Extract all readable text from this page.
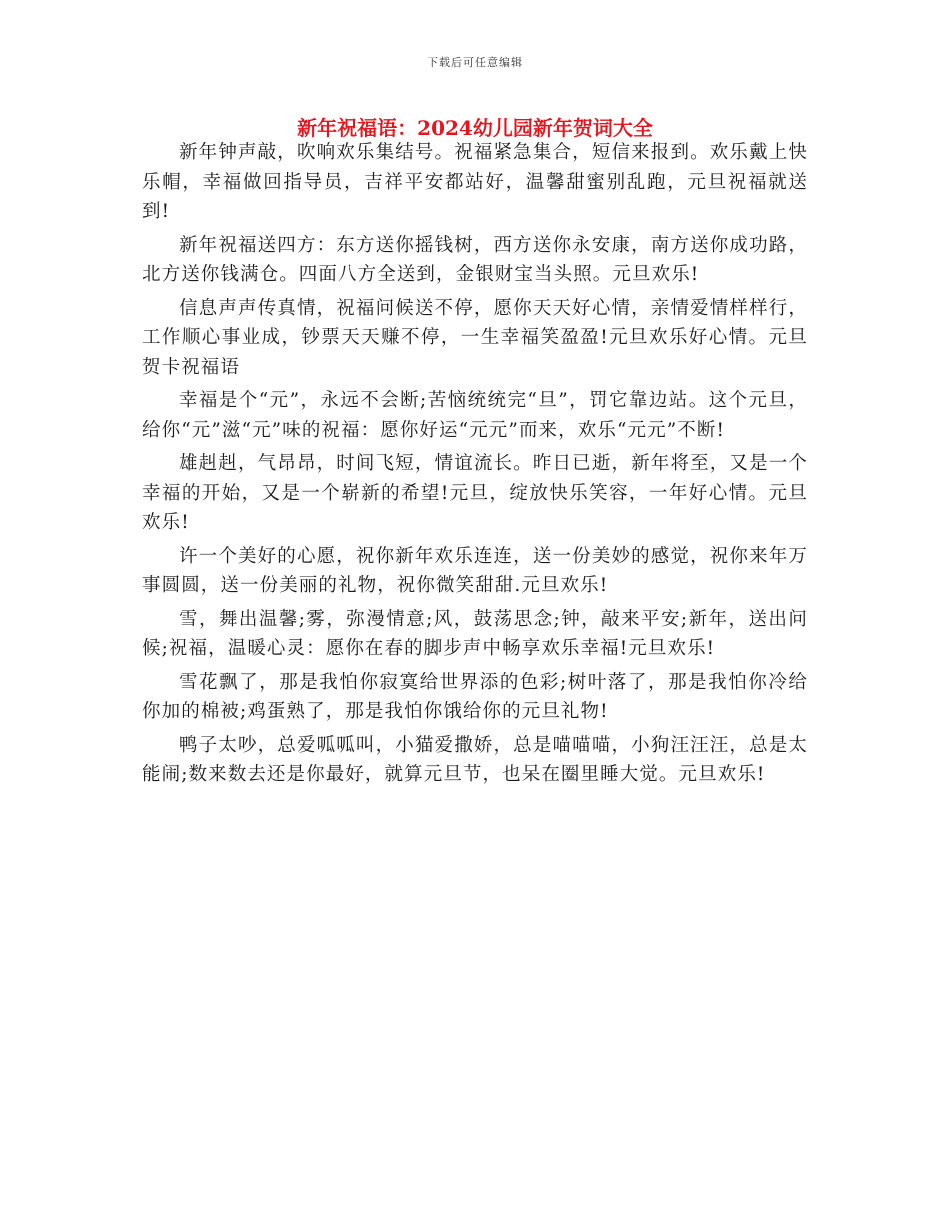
下载后可任意编辑
新年祝福语：2024幼儿园新年贺词大全

新年钟声敲，吹响欢乐集结号。祝福紧急集合，短信来报到。欢乐戴上快乐帽，幸福做回指导员，吉祥平安都站好，温馨甜蜜别乱跑，元旦祝福就送到!

新年祝福送四方：东方送你摇钱树，西方送你永安康，南方送你成功路，北方送你钱满仓。四面八方全送到，金银财宝当头照。元旦欢乐!

信息声声传真情，祝福问候送不停，愿你天天好心情，亲情爱情样样行，工作顺心事业成，钞票天天赚不停，一生幸福笑盈盈!元旦欢乐好心情。元旦贺卡祝福语

幸福是个“元”，永远不会断;苦恼统统完“旦”，罚它靠边站。这个元旦，给你“元”滋“元”味的祝福：愿你好运“元元”而来，欢乐“元元”不断!

雄赳赳，气昂昂，时间飞短，情谊流长。昨日已逝，新年将至，又是一个幸福的开始，又是一个崭新的希望!元旦，绽放快乐笑容，一年好心情。元旦欢乐!

许一个美好的心愿，祝你新年欢乐连连，送一份美妙的感觉，祝你来年万事圆圆，送一份美丽的礼物，祝你微笑甜甜.元旦欢乐!

雪，舞出温馨;雾，弥漫情意;风，鼓荡思念;钟，敲来平安;新年，送出问候;祝福，温暖心灵：愿你在春的脚步声中畅享欢乐幸福!元旦欢乐!

雪花飘了，那是我怕你寂寞给世界添的色彩;树叶落了，那是我怕你冷给你加的棉被;鸡蛋熟了，那是我怕你饿给你的元旦礼物!

鸭子太吵，总爱呱呱叫，小猫爱撒娇，总是喵喵喵，小狗汪汪汪，总是太能闹;数来数去还是你最好，就算元旦节，也呆在圈里睡大觉。元旦欢乐!
